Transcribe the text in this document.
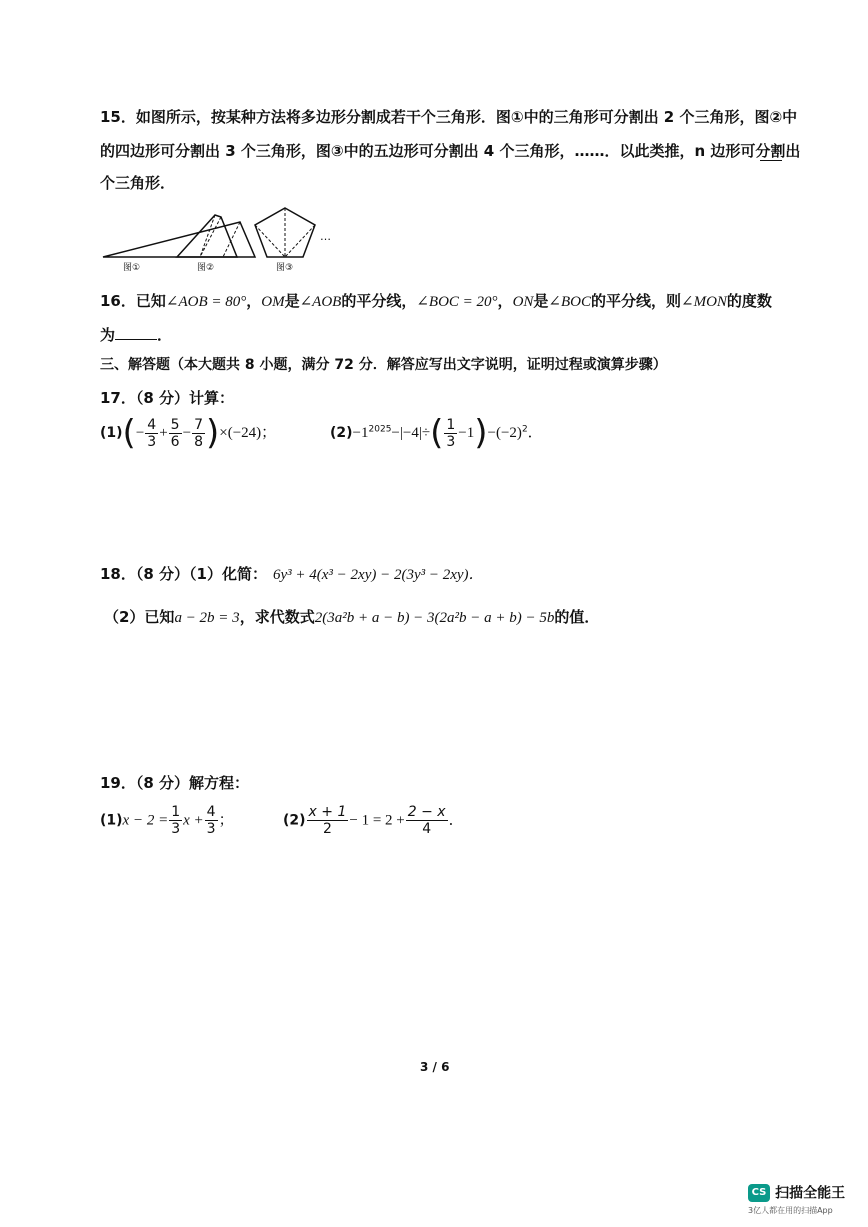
15．如图所示，按某种方法将多边形分割成若干个三角形．图①中的三角形可分割出 2 个三角形，图②中
的四边形可分割出 3 个三角形，图③中的五边形可分割出 4 个三角形，……．以此类推，n 边形可分割出
个三角形．
图①	图②	图③
…
16．已知∠AOB = 80°，OM是∠AOB的平分线，∠BOC = 20°，ON是∠BOC的平分线，则∠MON的度数
为	．
三、解答题（本大题共 8 小题，满分 72 分．解答应写出文字说明，证明过程或演算步骤）
17．（8 分）计算：
$(1)(- \frac{4}{3} + \frac{5}{6} - \frac{7}{8} )\times(-24)$；	$(2)-1^{2025}-|-4|\div( \frac{1}{3} -1)-(-2)^2$．
18．（8 分）（1）化简： 6y³ + 4(x³ − 2xy) − 2(3y³ − 2xy)．
（2）已知a − 2b = 3，求代数式2(3a²b + a − b) − 3(2a²b − a + b) − 5b的值．
19．（8 分）解方程：
$(1)x - 2 = \frac{1}{3}$ $x + \frac{4}{3}$ ；	$(2) \frac{x + 1}{2} - 1 = 2 + \frac{2 - x}{4}$ ．
3 / 6
CS 扫描全能王
3亿人都在用的扫描App
